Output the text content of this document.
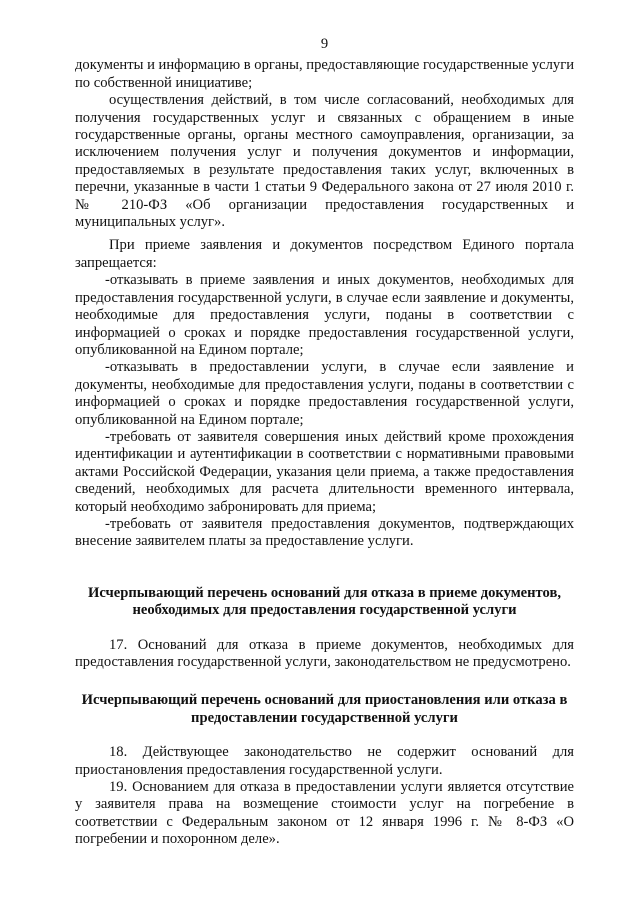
9

документы и информацию в органы, предоставляющие государственные услуги по собственной инициативе;

осуществления действий, в том числе согласований, необходимых для получения государственных услуг и связанных с обращением в иные государственные органы, органы местного самоуправления, организации, за исключением получения услуг и получения документов и информации, предоставляемых в результате предоставления таких услуг, включенных в перечни, указанные в части 1 статьи 9 Федерального закона от 27 июля 2010 г. № 210-ФЗ «Об организации предоставления государственных и муниципальных услуг».

При приеме заявления и документов посредством Единого портала запрещается:

-отказывать в приеме заявления и иных документов, необходимых для предоставления государственной услуги, в случае если заявление и документы, необходимые для предоставления услуги, поданы в соответствии с информацией о сроках и порядке предоставления государственной услуги, опубликованной на Едином портале;

-отказывать в предоставлении услуги, в случае если заявление и документы, необходимые для предоставления услуги, поданы в соответствии с информацией о сроках и порядке предоставления государственной услуги, опубликованной на Едином портале;

-требовать от заявителя совершения иных действий кроме прохождения идентификации и аутентификации в соответствии с нормативными правовыми актами Российской Федерации, указания цели приема, а также предоставления сведений, необходимых для расчета длительности временного интервала, который необходимо забронировать для приема;

-требовать от заявителя предоставления документов, подтверждающих внесение заявителем платы за предоставление услуги.

Исчерпывающий перечень оснований для отказа в приеме документов, необходимых для предоставления государственной услуги

17. Оснований для отказа в приеме документов, необходимых для предоставления государственной услуги, законодательством не предусмотрено.

Исчерпывающий перечень оснований для приостановления или отказа в предоставлении государственной услуги

18. Действующее законодательство не содержит оснований для приостановления предоставления государственной услуги.

19. Основанием для отказа в предоставлении услуги является отсутствие у заявителя права на возмещение стоимости услуг на погребение в соответствии с Федеральным законом от 12 января 1996 г. № 8-ФЗ «О погребении и похоронном деле».
